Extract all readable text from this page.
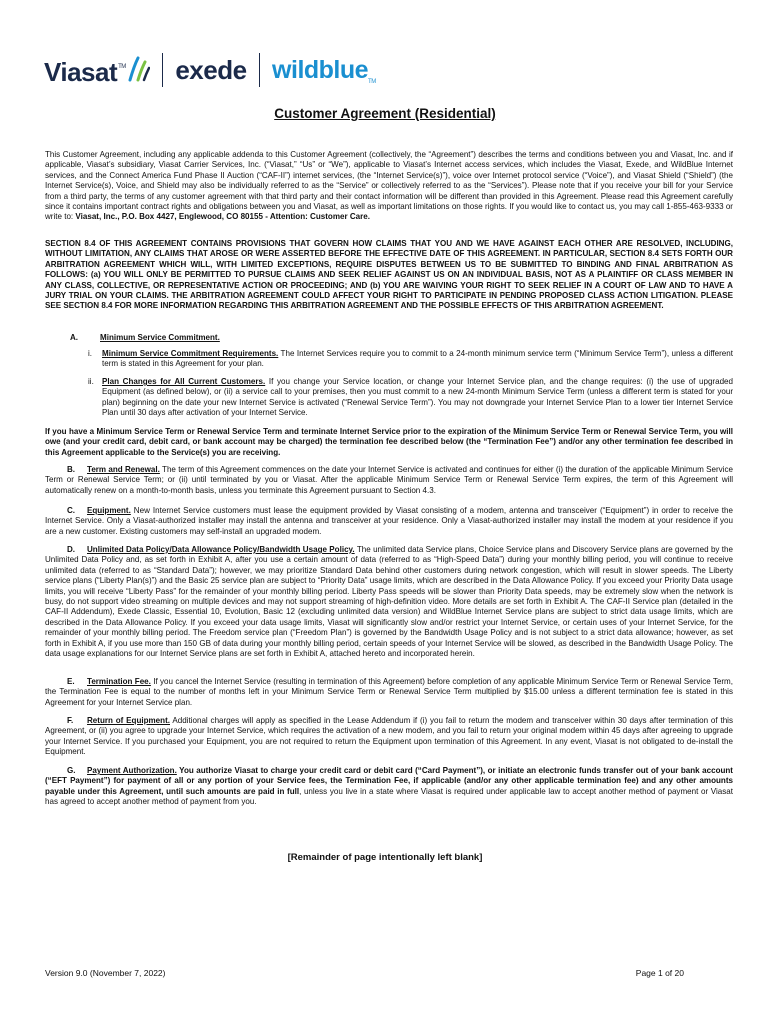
Viasat TM exede wildblueTM
Customer Agreement (Residential)
This Customer Agreement, including any applicable addenda to this Customer Agreement (collectively, the “Agreement”) describes the terms and conditions between you and Viasat, Inc. and if applicable, Viasat’s subsidiary, Viasat Carrier Services, Inc. (“Viasat,” “Us” or “We”), applicable to Viasat’s Internet access services, which includes the Viasat, Exede, and WildBlue Internet services, and the Connect America Fund Phase II Auction (“CAF-II”) internet services, (the “Internet Service(s)”), voice over Internet protocol service (“Voice”), and Viasat Shield (“Shield”) (the Internet Service(s), Voice, and Shield may also be individually referred to as the “Service” or collectively referred to as the “Services”). Please note that if you receive your bill for your Service from a third party, the terms of any customer agreement with that third party and their contact information will be different than provided in this Agreement. Please read this Agreement carefully since it contains important contract rights and obligations between you and Viasat, as well as important limitations on those rights. If you would like to contact us, you may call 1-855-463-9333 or write to: Viasat, Inc., P.O. Box 4427, Englewood, CO 80155 - Attention: Customer Care.
SECTION 8.4 OF THIS AGREEMENT CONTAINS PROVISIONS THAT GOVERN HOW CLAIMS THAT YOU AND WE HAVE AGAINST EACH OTHER ARE RESOLVED, INCLUDING, WITHOUT LIMITATION, ANY CLAIMS THAT AROSE OR WERE ASSERTED BEFORE THE EFFECTIVE DATE OF THIS AGREEMENT. IN PARTICULAR, SECTION 8.4 SETS FORTH OUR ARBITRATION AGREEMENT WHICH WILL, WITH LIMITED EXCEPTIONS, REQUIRE DISPUTES BETWEEN US TO BE SUBMITTED TO BINDING AND FINAL ARBITRATION AS FOLLOWS: (a) YOU WILL ONLY BE PERMITTED TO PURSUE CLAIMS AND SEEK RELIEF AGAINST US ON AN INDIVIDUAL BASIS, NOT AS A PLAINTIFF OR CLASS MEMBER IN ANY CLASS, COLLECTIVE, OR REPRESENTATIVE ACTION OR PROCEEDING; AND (b) YOU ARE WAIVING YOUR RIGHT TO SEEK RELIEF IN A COURT OF LAW AND TO HAVE A JURY TRIAL ON YOUR CLAIMS. THE ARBITRATION AGREEMENT COULD AFFECT YOUR RIGHT TO PARTICIPATE IN PENDING PROPOSED CLASS ACTION LITIGATION. PLEASE SEE SECTION 8.4 FOR MORE INFORMATION REGARDING THIS ARBITRATION AGREEMENT AND THE POSSIBLE EFFECTS OF THIS ARBITRATION AGREEMENT.
A.	Minimum Service Commitment.
i. Minimum Service Commitment Requirements. The Internet Services require you to commit to a 24-month minimum service term (“Minimum Service Term”), unless a different term is stated in this Agreement for your plan.
ii. Plan Changes for All Current Customers. If you change your Service location, or change your Internet Service plan, and the change requires: (i) the use of upgraded Equipment (as defined below), or (ii) a service call to your premises, then you must commit to a new 24-month Minimum Service Term (unless a different term is stated for your plan) beginning on the date your new Internet Service is activated (“Renewal Service Term”). You may not downgrade your Internet Service Plan to a lower tier Internet Service Plan until 30 days after activation of your Internet Service.
If you have a Minimum Service Term or Renewal Service Term and terminate Internet Service prior to the expiration of the Minimum Service Term or Renewal Service Term, you will owe (and your credit card, debit card, or bank account may be charged) the termination fee described below (the “Termination Fee”) and/or any other termination fee described in this Agreement applicable to the Service(s) you are receiving.
B. Term and Renewal. The term of this Agreement commences on the date your Internet Service is activated and continues for either (i) the duration of the applicable Minimum Service Term or Renewal Service Term; or (ii) until terminated by you or Viasat. After the applicable Minimum Service Term or Renewal Service Term expires, the term of this Agreement will automatically renew on a month-to-month basis, unless you terminate this Agreement pursuant to Section 4.3.
C. Equipment. New Internet Service customers must lease the equipment provided by Viasat consisting of a modem, antenna and transceiver (“Equipment”) in order to receive the Internet Service. Only a Viasat-authorized installer may install the antenna and transceiver at your residence. Only a Viasat-authorized installer may install the modem at your residence if you are a new customer. Existing customers may self-install an upgraded modem.
D. Unlimited Data Policy/Data Allowance Policy/Bandwidth Usage Policy. The unlimited data Service plans, Choice Service plans and Discovery Service plans are governed by the Unlimited Data Policy and, as set forth in Exhibit A, after you use a certain amount of data (referred to as “High-Speed Data”) during your monthly billing period, you will continue to receive unlimited data (referred to as “Standard Data”); however, we may prioritize Standard Data behind other customers during network congestion, which will result in slower speeds. The Liberty service plans (“Liberty Plan(s)”) and the Basic 25 service plan are subject to “Priority Data” usage limits, which are described in the Data Allowance Policy. If you exceed your Priority Data usage limits, you will receive “Liberty Pass” for the remainder of your monthly billing period. Liberty Pass speeds will be slower than Priority Data speeds, may be extremely slow when the network is busy, do not support video streaming on multiple devices and may not support streaming of high-definition video. More details are set forth in Exhibit A. The CAF-II Service plan (detailed in the CAF-II Addendum), Exede Classic, Essential 10, Evolution, Basic 12 (excluding unlimited data version) and WildBlue Internet Service plans are subject to strict data usage limits, which are described in the Data Allowance Policy. If you exceed your data usage limits, Viasat will significantly slow and/or restrict your Internet Service, or certain uses of your Internet Service, for the remainder of your monthly billing period. The Freedom service plan (“Freedom Plan”) is governed by the Bandwidth Usage Policy and is not subject to a strict data allowance; however, as set forth in Exhibit A, if you use more than 150 GB of data during your monthly billing period, certain speeds of your Internet Service will be slowed, as described in the Bandwidth Usage Policy. The data usage explanations for our Internet Service plans are set forth in Exhibit A, attached hereto and incorporated herein.
E. Termination Fee. If you cancel the Internet Service (resulting in termination of this Agreement) before completion of any applicable Minimum Service Term or Renewal Service Term, the Termination Fee is equal to the number of months left in your Minimum Service Term or Renewal Service Term multiplied by $15.00 unless a different termination fee is stated in this Agreement for your Internet Service plan.
F. Return of Equipment. Additional charges will apply as specified in the Lease Addendum if (i) you fail to return the modem and transceiver within 30 days after termination of this Agreement, or (ii) you agree to upgrade your Internet Service, which requires the activation of a new modem, and you fail to return your original modem within 45 days after agreeing to upgrade your Internet Service. If you purchased your Equipment, you are not required to return the Equipment upon termination of this Agreement. In any event, Viasat is not obligated to de-install the Equipment.
G. Payment Authorization. You authorize Viasat to charge your credit card or debit card (“Card Payment”), or initiate an electronic funds transfer out of your bank account (“EFT Payment”) for payment of all or any portion of your Service fees, the Termination Fee, if applicable (and/or any other applicable termination fee) and any other amounts payable under this Agreement, until such amounts are paid in full, unless you live in a state where Viasat is required under applicable law to accept another method of payment or Viasat has agreed to accept another method of payment from you.
[Remainder of page intentionally left blank]
Version 9.0 (November 7, 2022)	Page 1 of 20
